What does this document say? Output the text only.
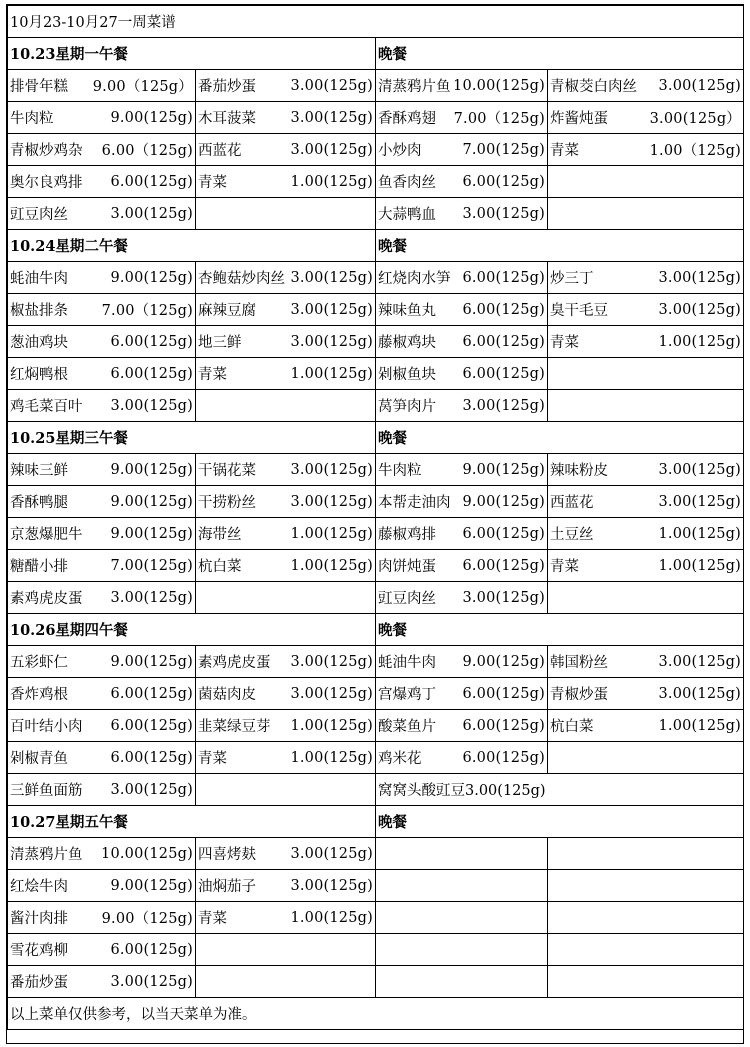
10月23-10月27一周菜谱			
10.23星期一午餐		晚餐	

排骨年糕 9.00（125g）	番茄炒蛋 3.00(125g)	清蒸鸦片鱼 10.00(125g)	青椒茭白肉丝 3.00(125g)

牛肉粒 9.00(125g)	木耳菠菜 3.00(125g)	香酥鸡翅 7.00（125g)	炸酱炖蛋 3.00(125g）

青椒炒鸡杂 6.00（125g)	西蓝花 3.00(125g)	小炒肉 7.00(125g)	青菜 1.00（125g)

奥尔良鸡排 6.00(125g)	青菜 1.00(125g)	鱼香肉丝 6.00(125g)	

豇豆肉丝 3.00(125g)		大蒜鸭血 3.00(125g)	

10.24星期二午餐		晚餐	

蚝油牛肉 9.00(125g)	杏鲍菇炒肉丝 3.00(125g)	红烧肉水笋 6.00(125g)	炒三丁 3.00(125g)

椒盐排条 7.00（125g)	麻辣豆腐 3.00(125g)	辣味鱼丸 6.00(125g)	臭干毛豆 3.00(125g)

葱油鸡块 6.00(125g)	地三鲜 3.00(125g)	藤椒鸡块 6.00(125g)	青菜 1.00(125g)

红焖鸭根 6.00(125g)	青菜 1.00(125g)	剁椒鱼块 6.00(125g)	

鸡毛菜百叶 3.00(125g)		莴笋肉片 3.00(125g)	

10.25星期三午餐		晚餐	

辣味三鲜 9.00(125g)	干锅花菜 3.00(125g)	牛肉粒 9.00(125g)	辣味粉皮 3.00(125g)

香酥鸭腿 9.00(125g)	干捞粉丝 3.00(125g)	本帮走油肉 9.00(125g)	西蓝花 3.00(125g)

京葱爆肥牛 9.00(125g)	海带丝 1.00(125g)	藤椒鸡排 6.00(125g)	土豆丝 1.00(125g)

糖醋小排 7.00(125g)	杭白菜 1.00(125g)	肉饼炖蛋 6.00(125g)	青菜 1.00(125g)

素鸡虎皮蛋 3.00(125g)		豇豆肉丝 3.00(125g)	

10.26星期四午餐		晚餐	

五彩虾仁 9.00(125g)	素鸡虎皮蛋 3.00(125g)	蚝油牛肉 9.00(125g)	韩国粉丝 3.00(125g)

香炸鸡根 6.00(125g)	菌菇肉皮 3.00(125g)	宫爆鸡丁 6.00(125g)	青椒炒蛋 3.00(125g)

百叶结小肉 6.00(125g)	韭菜绿豆芽 1.00(125g)	酸菜鱼片 6.00(125g)	杭白菜 1.00(125g)

剁椒青鱼 6.00(125g)	青菜 1.00(125g)	鸡米花 6.00(125g)	

三鲜鱼面筋 3.00(125g)		窝窝头酸豇豆3.00(125g)	
10.27星期五午餐		晚餐	

清蒸鸦片鱼 10.00(125g)	四喜烤麸 3.00(125g)		

红烩牛肉 9.00(125g)	油焖茄子 3.00(125g)		

酱汁肉排 9.00（125g)	青菜 1.00(125g)		

雪花鸡柳 6.00(125g)			

番茄炒蛋 3.00(125g)			

以上菜单仅供参考，以当天菜单为准。			
